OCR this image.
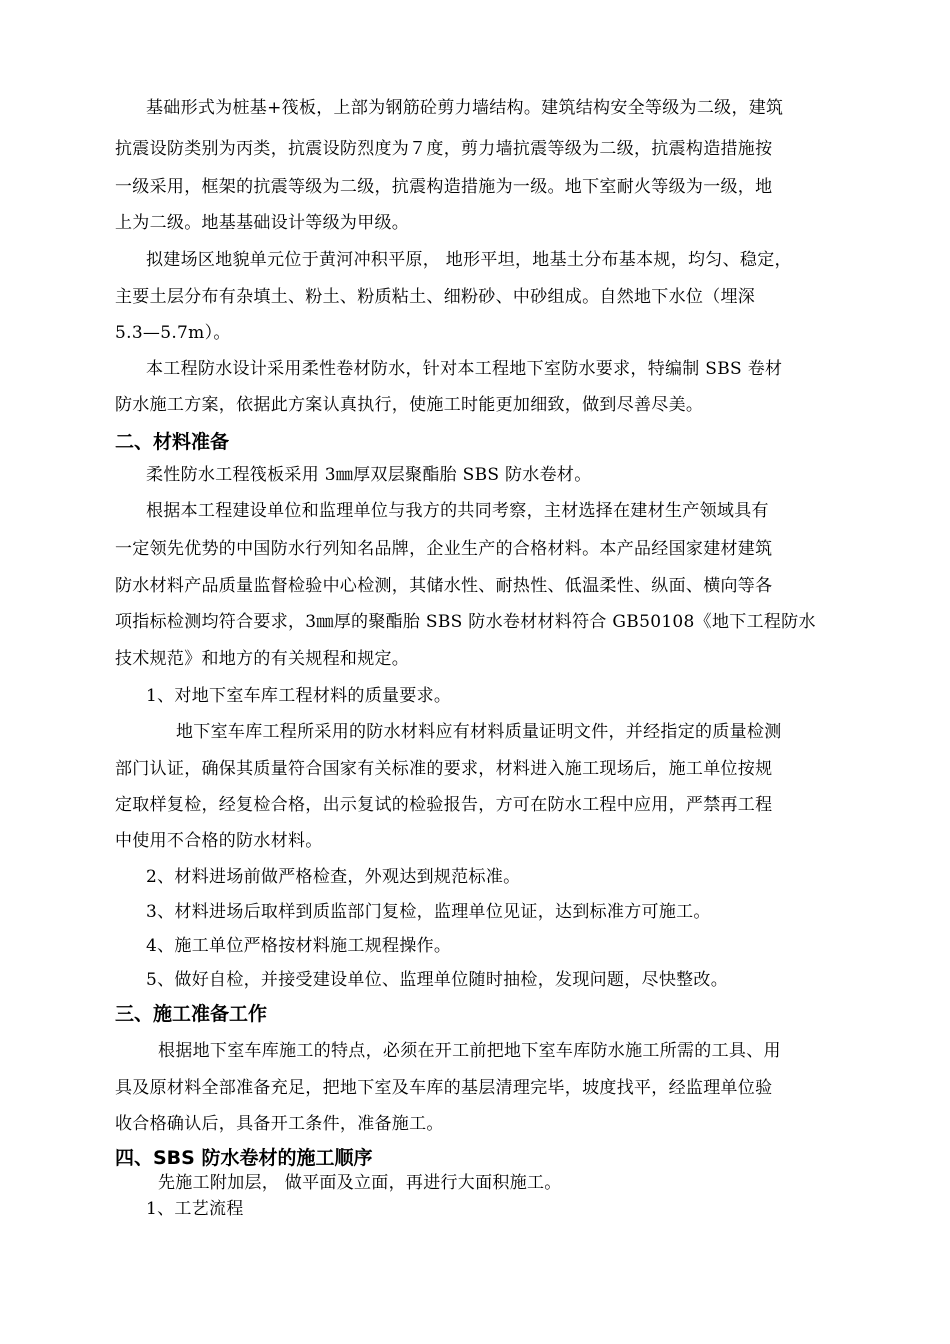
基础形式为桩基+筏板，上部为钢筋砼剪力墙结构。建筑结构安全等级为二级，建筑
抗震设防类别为丙类，抗震设防烈度为７度，剪力墙抗震等级为二级，抗震构造措施按
一级采用，框架的抗震等级为二级，抗震构造措施为一级。地下室耐火等级为一级，地
上为二级。地基基础设计等级为甲级。
拟建场区地貌单元位于黄河冲积平原， 地形平坦，地基土分布基本规，均匀、稳定，
主要土层分布有杂填土、粉土、粉质粘土、细粉砂、中砂组成。自然地下水位（埋深
5.3—5.7m）。
本工程防水设计采用柔性卷材防水，针对本工程地下室防水要求，特编制 SBS 卷材
防水施工方案，依据此方案认真执行，使施工时能更加细致，做到尽善尽美。
二、材料准备
柔性防水工程筏板采用 3㎜厚双层聚酯胎 SBS 防水卷材。
根据本工程建设单位和监理单位与我方的共同考察，主材选择在建材生产领域具有
一定领先优势的中国防水行列知名品牌，企业生产的合格材料。本产品经国家建材建筑
防水材料产品质量监督检验中心检测，其储水性、耐热性、低温柔性、纵面、横向等各
项指标检测均符合要求，3㎜厚的聚酯胎 SBS 防水卷材材料符合 GB50108《地下工程防水
技术规范》和地方的有关规程和规定。
1、对地下室车库工程材料的质量要求。
地下室车库工程所采用的防水材料应有材料质量证明文件，并经指定的质量检测
部门认证，确保其质量符合国家有关标准的要求，材料进入施工现场后，施工单位按规
定取样复检，经复检合格，出示复试的检验报告，方可在防水工程中应用，严禁再工程
中使用不合格的防水材料。
2、材料进场前做严格检查，外观达到规范标准。
3、材料进场后取样到质监部门复检，监理单位见证，达到标准方可施工。
4、施工单位严格按材料施工规程操作。
5、做好自检，并接受建设单位、监理单位随时抽检，发现问题，尽快整改。
三、施工准备工作
根据地下室车库施工的特点，必须在开工前把地下室车库防水施工所需的工具、用
具及原材料全部准备充足，把地下室及车库的基层清理完毕，坡度找平，经监理单位验
收合格确认后，具备开工条件，准备施工。
四、SBS 防水卷材的施工顺序
先施工附加层， 做平面及立面，再进行大面积施工。
1、工艺流程
